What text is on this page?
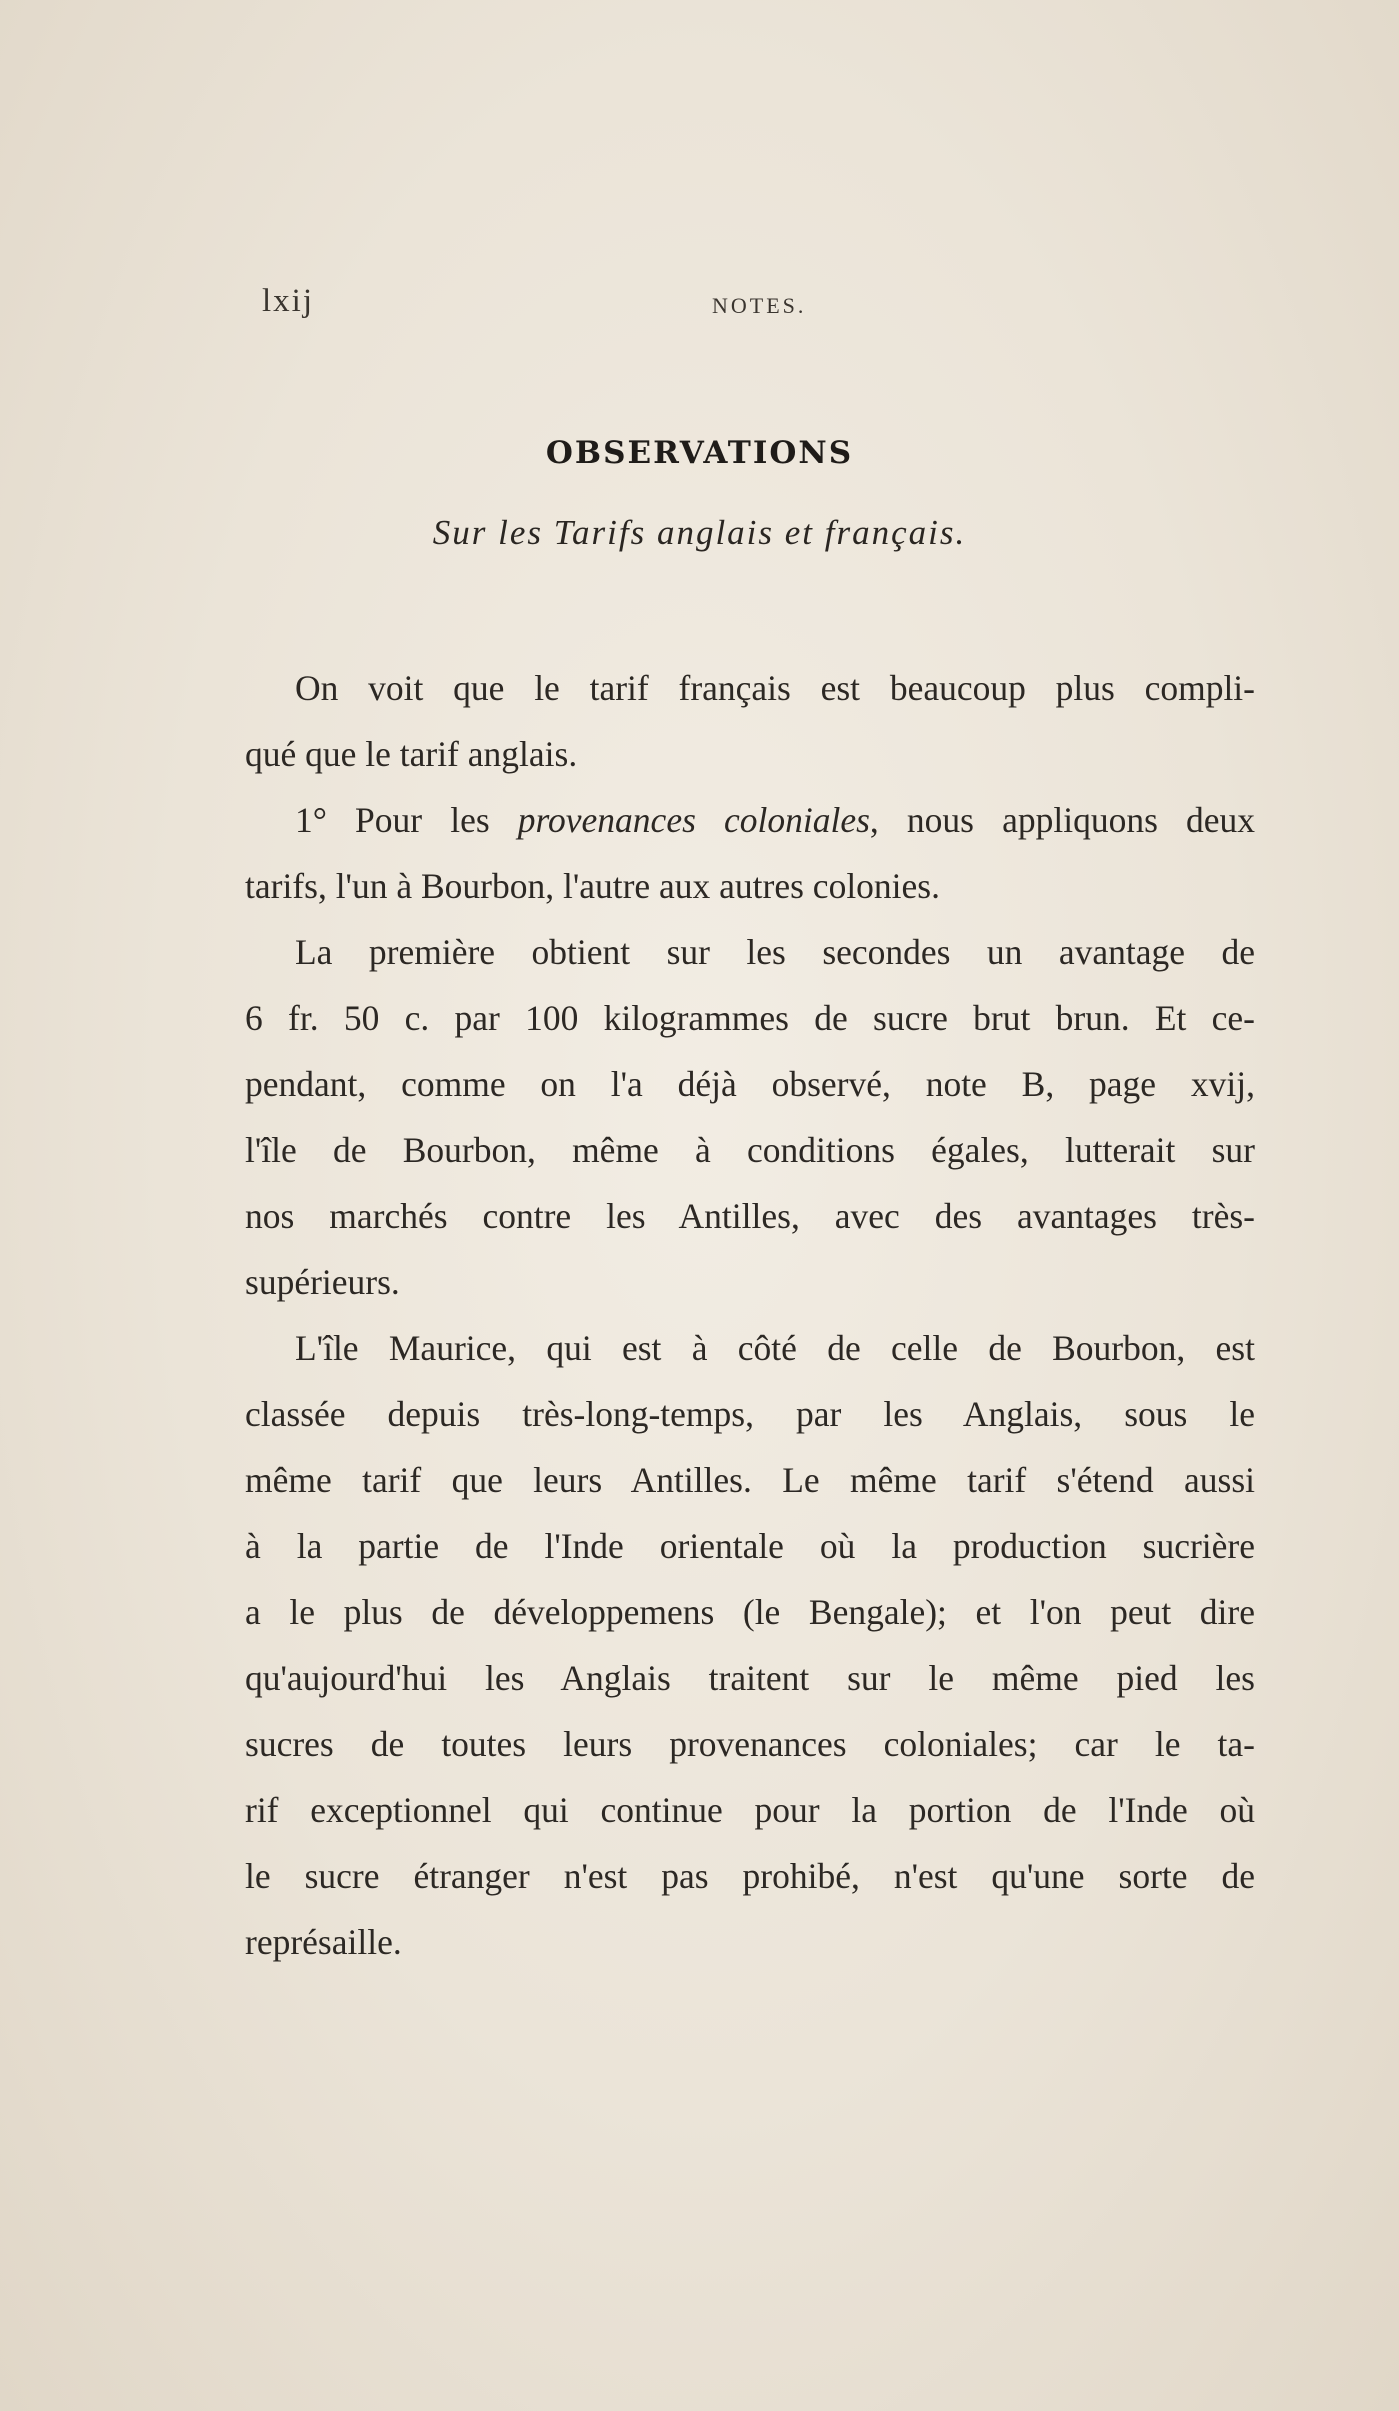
lxij	NOTES.
OBSERVATIONS
Sur les Tarifs anglais et français.
On voit que le tarif français est beaucoup plus compli-
qué que le tarif anglais.
1° Pour les provenances coloniales, nous appliquons deux
tarifs, l'un à Bourbon, l'autre aux autres colonies.
La première obtient sur les secondes un avantage de
6 fr. 50 c. par 100 kilogrammes de sucre brut brun. Et ce-
pendant, comme on l'a déjà observé, note B, page xvij,
l'île de Bourbon, même à conditions égales, lutterait sur
nos marchés contre les Antilles, avec des avantages très-
supérieurs.
L'île Maurice, qui est à côté de celle de Bourbon, est
classée depuis très-long-temps, par les Anglais, sous le
même tarif que leurs Antilles. Le même tarif s'étend aussi
à la partie de l'Inde orientale où la production sucrière
a le plus de développemens (le Bengale); et l'on peut dire
qu'aujourd'hui les Anglais traitent sur le même pied les
sucres de toutes leurs provenances coloniales; car le ta-
rif exceptionnel qui continue pour la portion de l'Inde où
le sucre étranger n'est pas prohibé, n'est qu'une sorte de
représaille.
